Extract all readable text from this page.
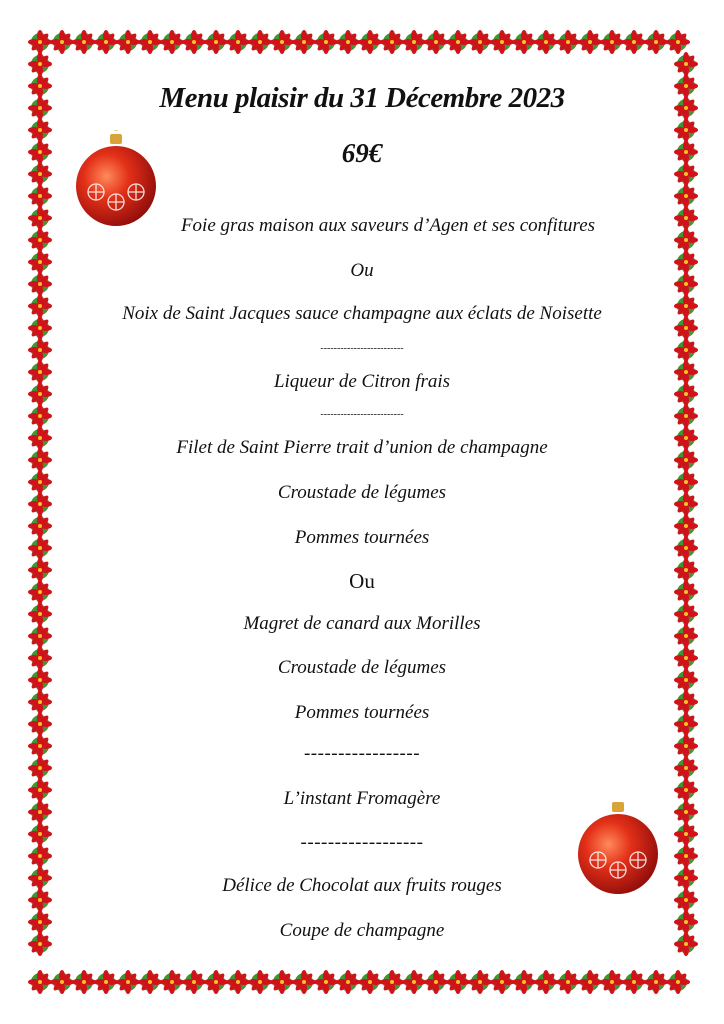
Menu plaisir du 31 Décembre 2023
69€
Foie gras maison aux saveurs d’Agen et ses confitures
Ou
Noix de Saint Jacques sauce champagne aux éclats de Noisette
-------------------------
Liqueur de Citron frais
-------------------------
Filet de Saint Pierre trait d’union de champagne
Croustade de légumes
Pommes tournées
Ou
Magret de canard aux Morilles
Croustade de légumes
Pommes tournées
-----------------
L’instant Fromagère
------------------
Délice de Chocolat aux fruits rouges
Coupe de champagne
